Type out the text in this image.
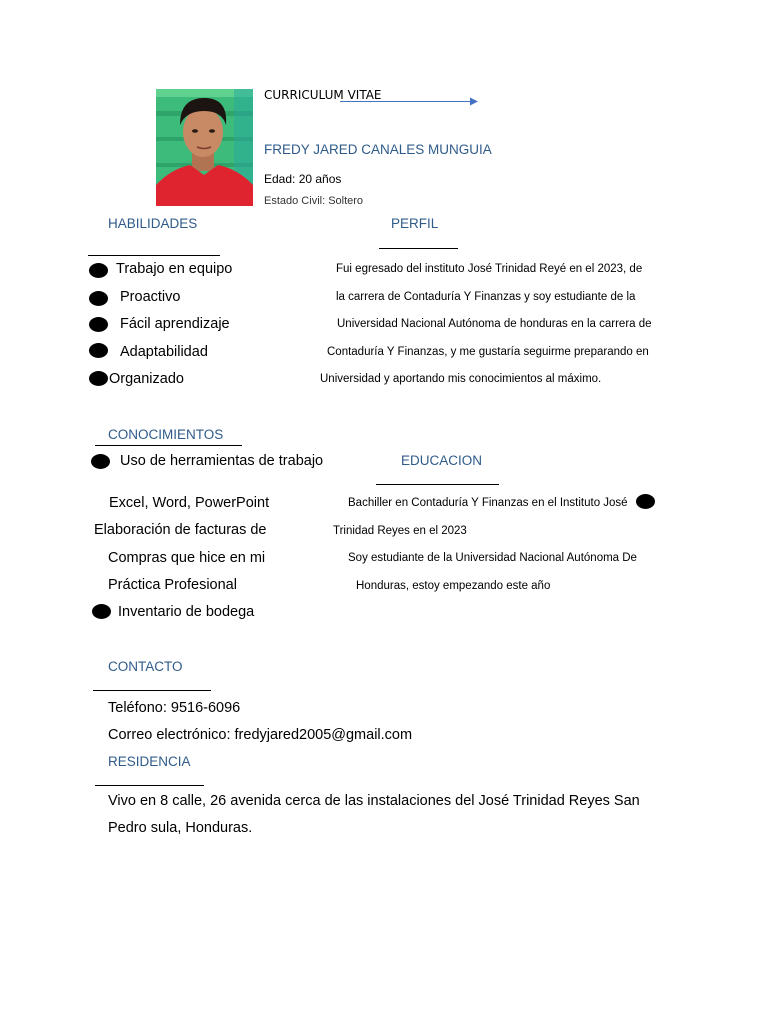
CURRICULUM VITAE
FREDY JARED CANALES MUNGUIA
Edad: 20 años
Estado Civil: Soltero
HABILIDADES
Trabajo en equipo
Proactivo
Fácil aprendizaje
Adaptabilidad
Organizado
PERFIL
Fui egresado del instituto José Trinidad Reyé en el 2023, de
la carrera de Contaduría Y Finanzas y soy estudiante de la
Universidad Nacional Autónoma de honduras en la carrera de
Contaduría Y Finanzas, y me gustaría seguirme preparando en
Universidad y aportando mis conocimientos al máximo.
CONOCIMIENTOS
Uso de herramientas de trabajo
Excel, Word, PowerPoint
Elaboración de facturas de
Compras que hice en mi
Práctica Profesional
Inventario de bodega
EDUCACION
Bachiller en Contaduría Y Finanzas en el Instituto José
Trinidad Reyes en el 2023
Soy estudiante de la Universidad Nacional Autónoma De
Honduras, estoy empezando este año
CONTACTO
Teléfono: 9516-6096
Correo electrónico: fredyjared2005@gmail.com
RESIDENCIA
Vivo en 8 calle, 26 avenida cerca de las instalaciones del José Trinidad Reyes San
Pedro sula, Honduras.
